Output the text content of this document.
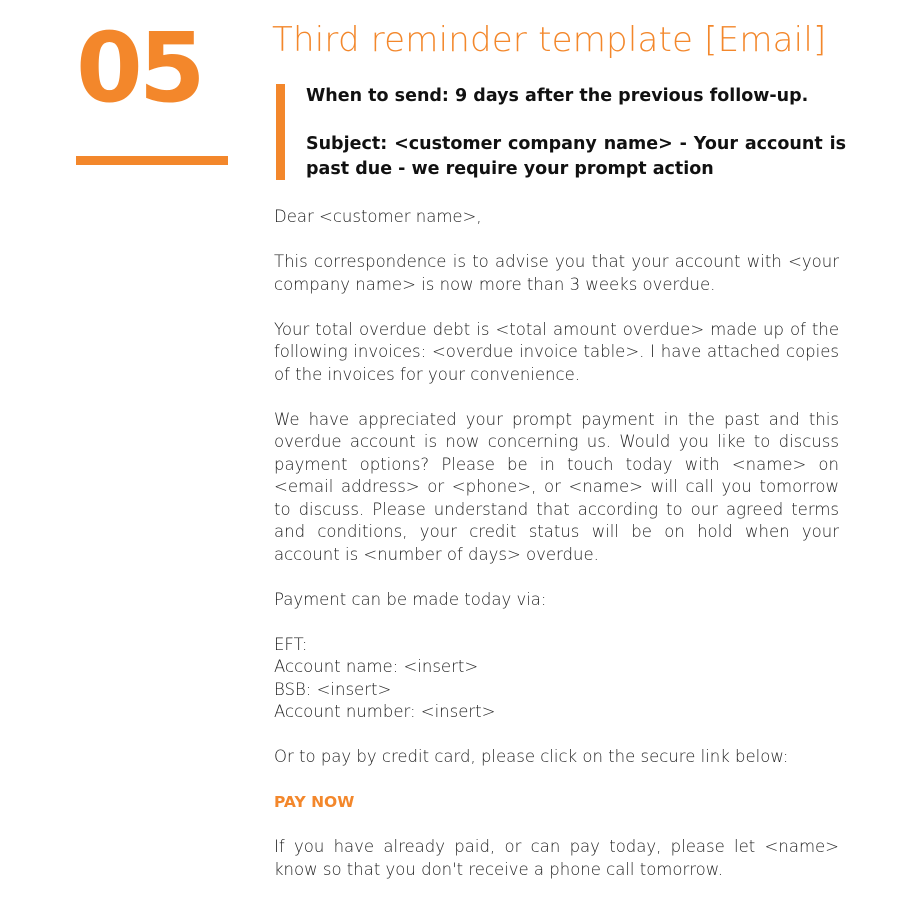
05	Third reminder template [Email]
When to send: 9 days after the previous follow-up.
Subject: <customer company name> - Your account is past due - we require your prompt action

Dear <customer name>,

This correspondence is to advise you that your account with <your company name> is now more than 3 weeks overdue.

Your total overdue debt is <total amount overdue> made up of the following invoices: <overdue invoice table>. I have attached copies of the invoices for your convenience.

We have appreciated your prompt payment in the past and this overdue account is now concerning us. Would you like to discuss payment options? Please be in touch today with <name> on <email address> or <phone>, or <name> will call you tomorrow to discuss. Please understand that according to our agreed terms and conditions, your credit status will be on hold when your account is <number of days> overdue.

Payment can be made today via:

EFT:
Account name: <insert>
BSB: <insert>
Account number: <insert>

Or to pay by credit card, please click on the secure link below:

PAY NOW

If you have already paid, or can pay today, please let <name> know so that you don't receive a phone call tomorrow.
